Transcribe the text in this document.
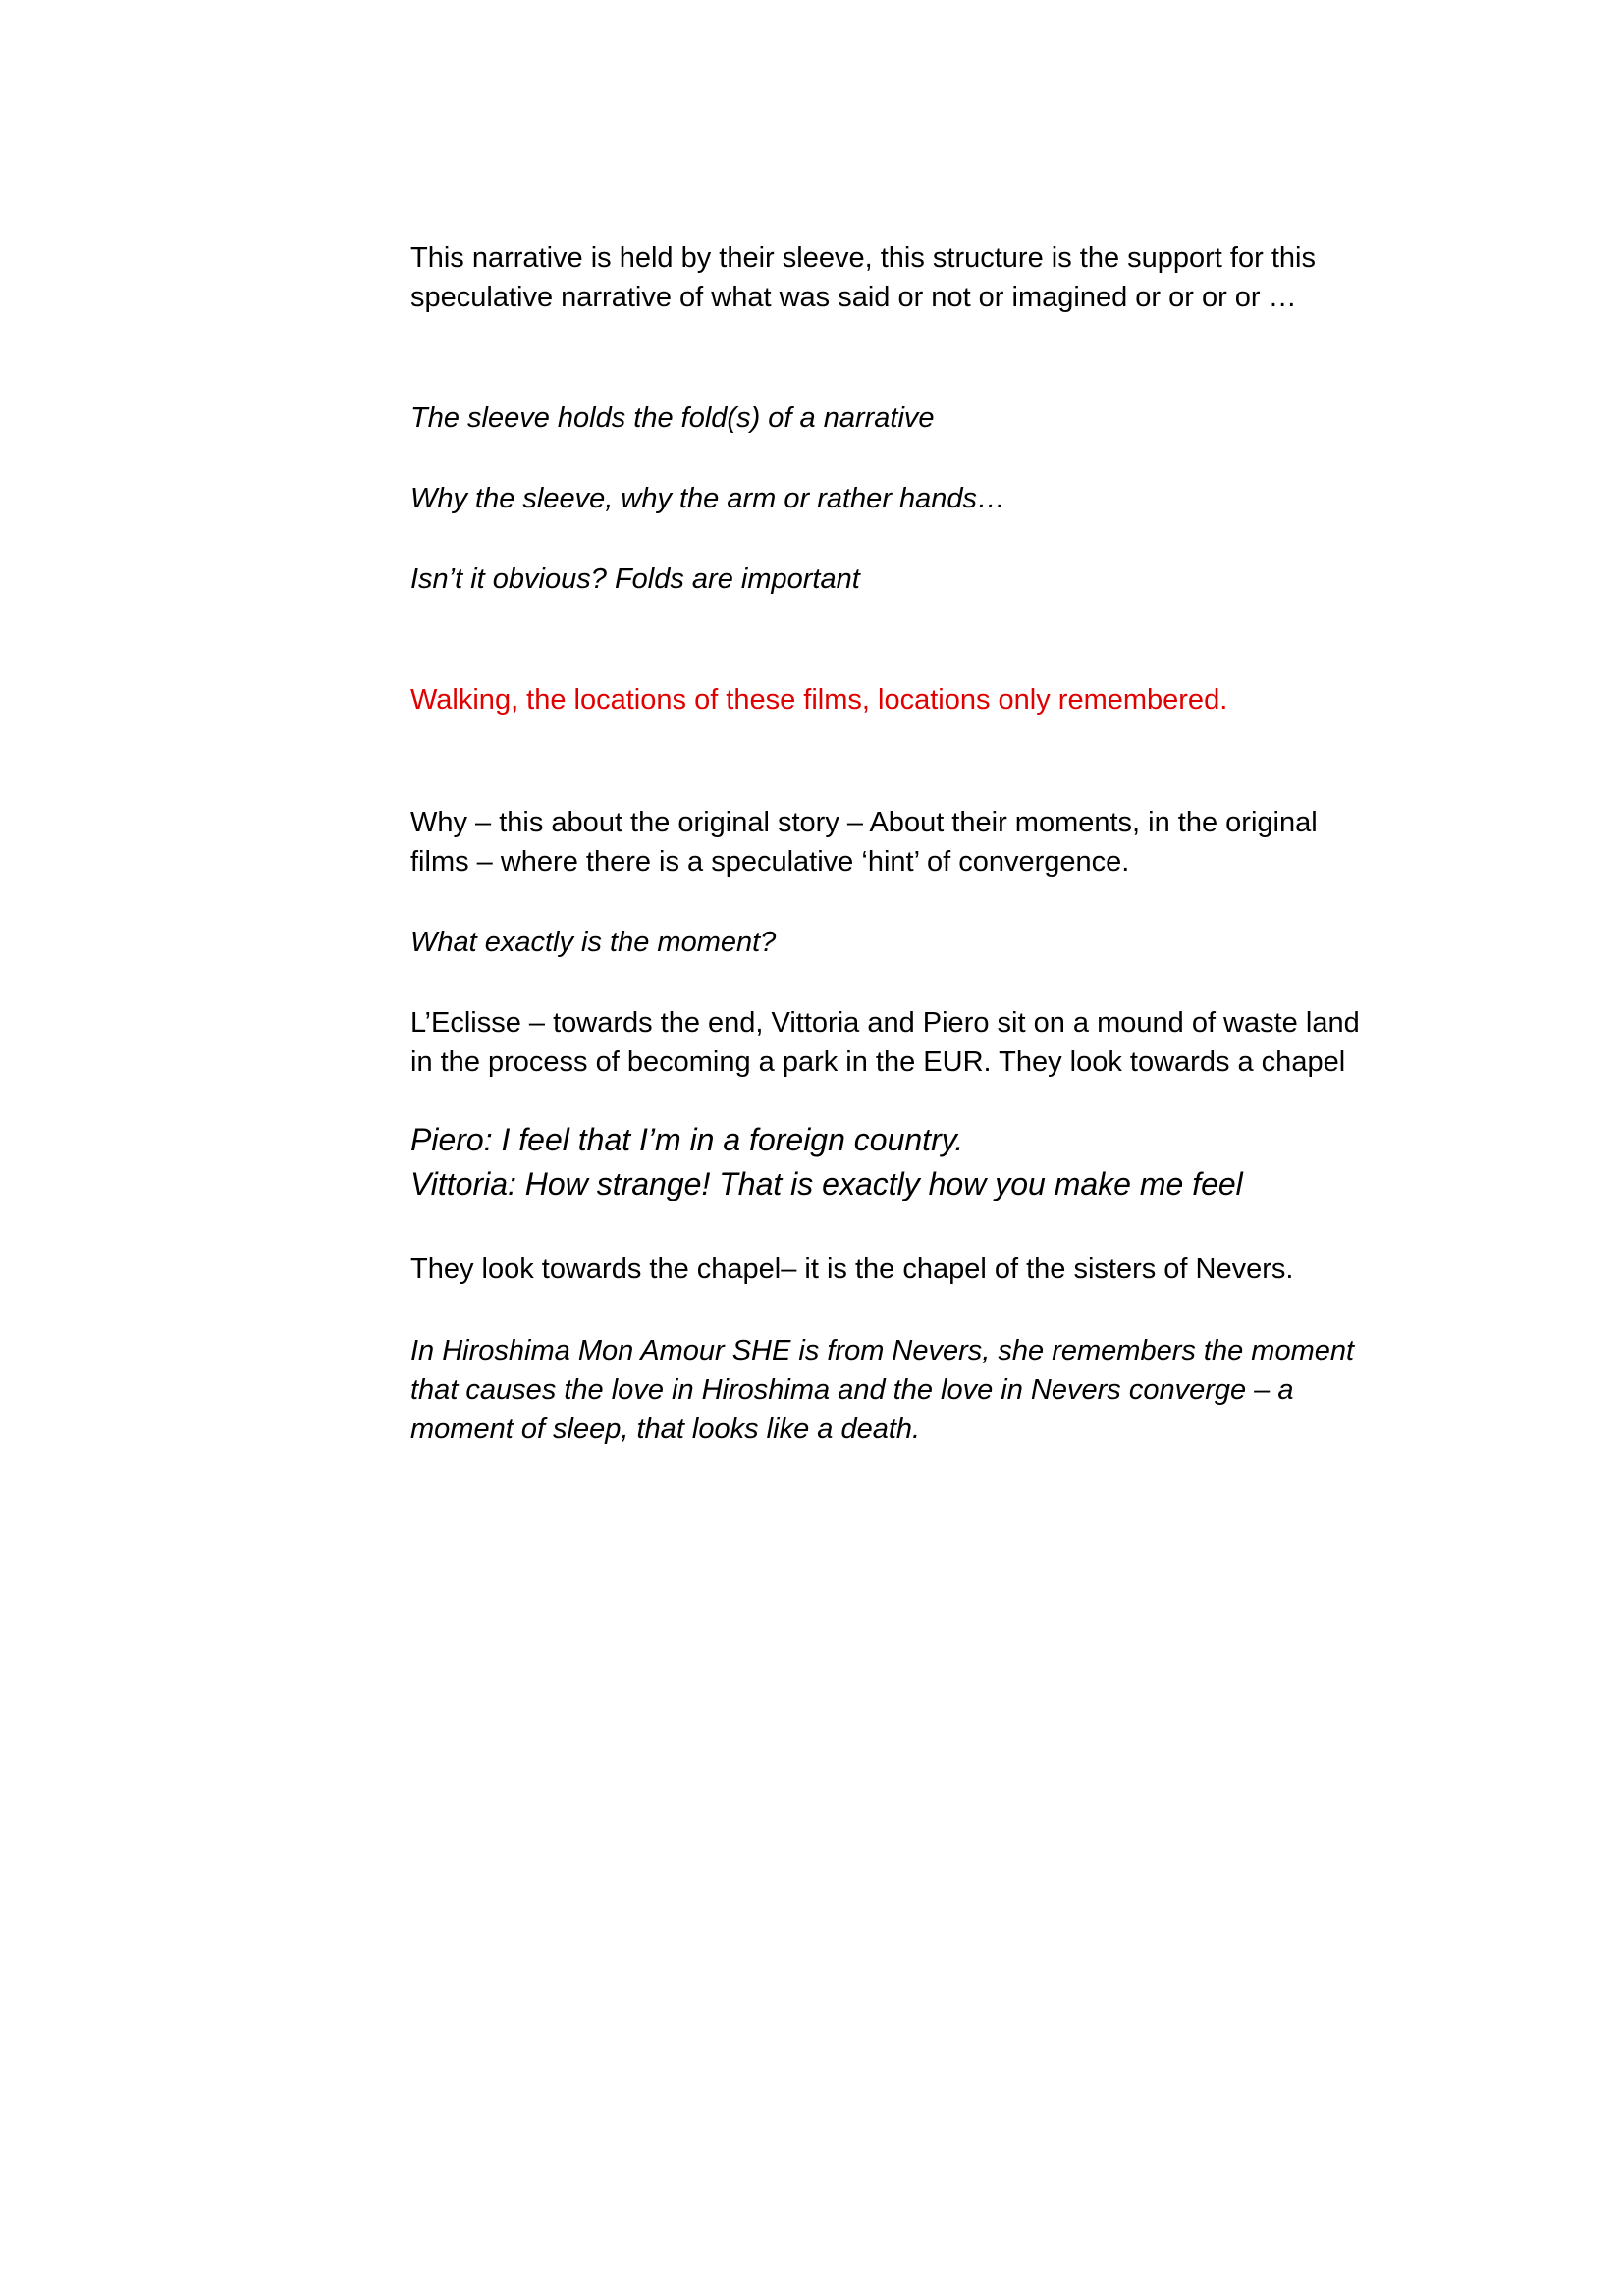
This narrative is held by their sleeve, this structure is the support for this
speculative narrative of what was said or not or imagined or or or or …

The sleeve holds the fold(s) of a narrative

Why the sleeve, why the arm or rather hands…

Isn’t it obvious? Folds are important

Walking, the locations of these films, locations only remembered.

Why – this about the original story – About their moments, in the original
films – where there is a speculative ‘hint’ of convergence.

What exactly is the moment?

L’Eclisse – towards the end, Vittoria and Piero sit on a mound of waste land
in the process of becoming a park in the EUR. They look towards a chapel

Piero: I feel that I’m in a foreign country.
Vittoria: How strange! That is exactly how you make me feel

They look towards the chapel– it is the chapel of the sisters of Nevers.

In Hiroshima Mon Amour SHE is from Nevers, she remembers the moment
that causes the love in Hiroshima and the love in Nevers converge – a
moment of sleep, that looks like a death.
